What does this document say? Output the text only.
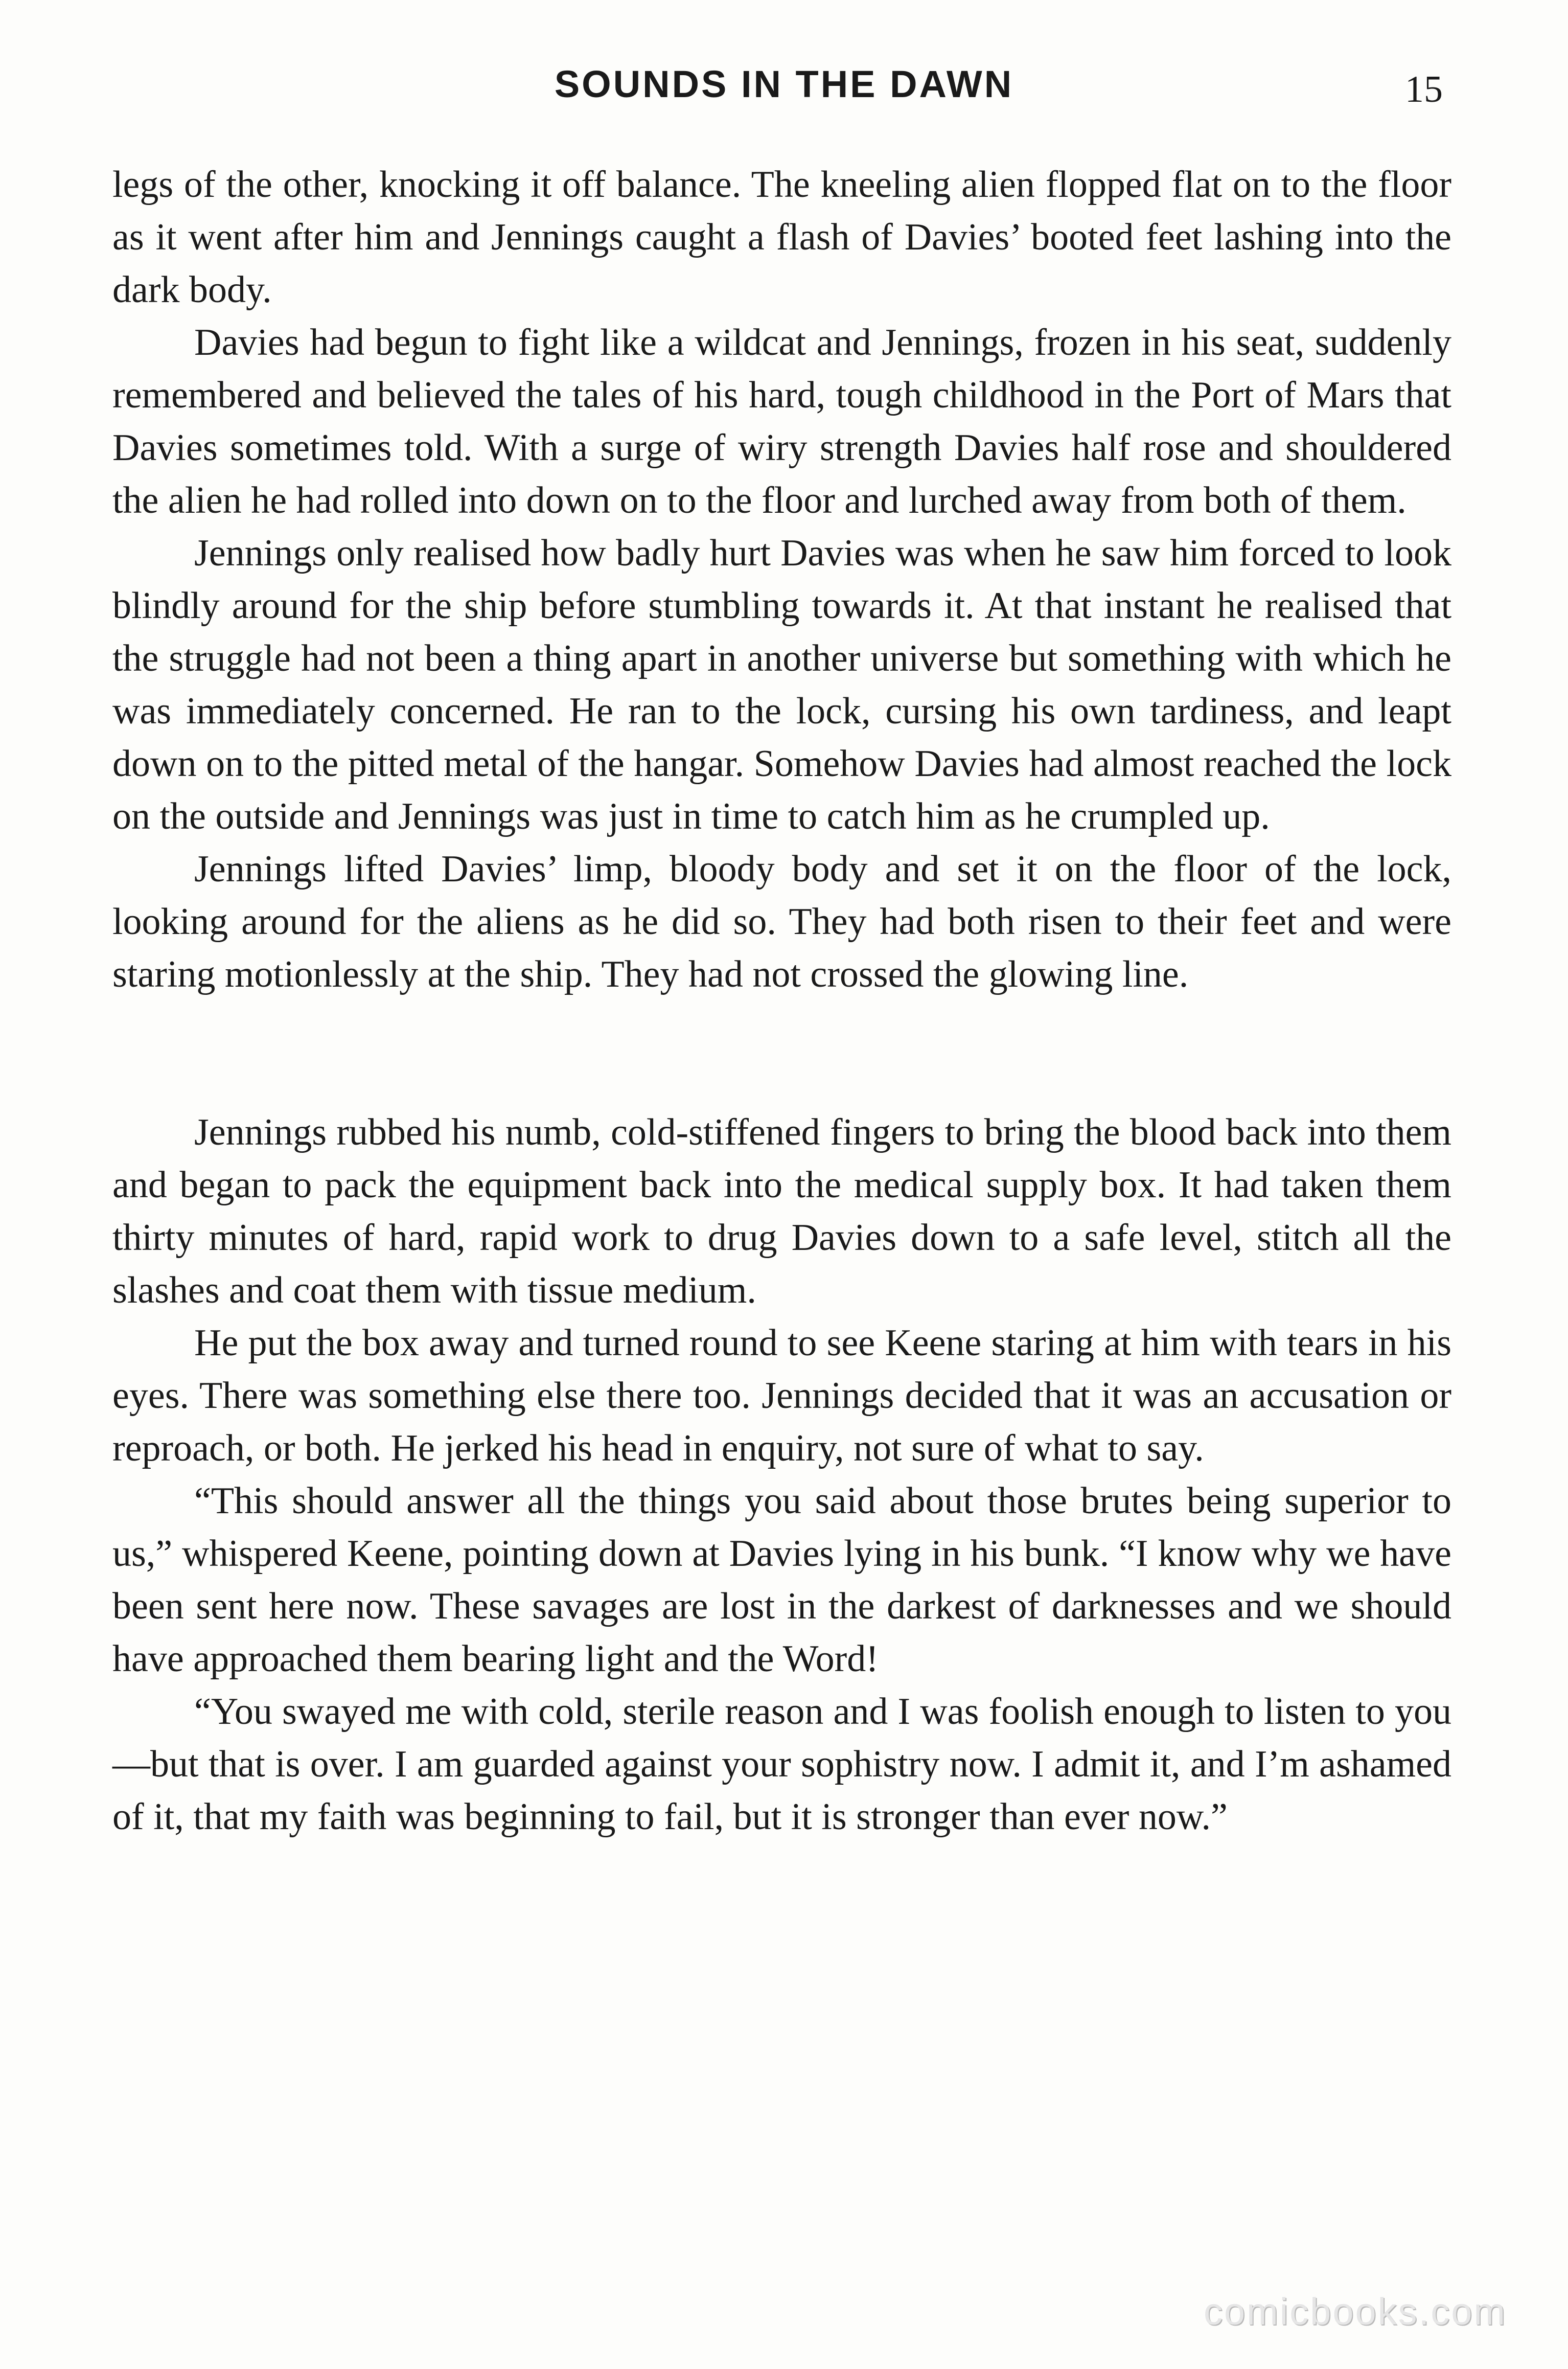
SOUNDS IN THE DAWN	15

legs of the other, knocking it off balance. The kneeling alien flopped flat on to the floor as it went after him and Jennings caught a flash of Davies’ booted feet lashing into the dark body.

Davies had begun to fight like a wildcat and Jennings, frozen in his seat, suddenly remembered and believed the tales of his hard, tough childhood in the Port of Mars that Davies sometimes told. With a surge of wiry strength Davies half rose and shouldered the alien he had rolled into down on to the floor and lurched away from both of them.

Jennings only realised how badly hurt Davies was when he saw him forced to look blindly around for the ship before stumbling towards it. At that instant he realised that the struggle had not been a thing apart in another universe but something with which he was immediately concerned. He ran to the lock, cursing his own tardiness, and leapt down on to the pitted metal of the hangar. Somehow Davies had almost reached the lock on the outside and Jennings was just in time to catch him as he crumpled up.

Jennings lifted Davies’ limp, bloody body and set it on the floor of the lock, looking around for the aliens as he did so. They had both risen to their feet and were staring motionlessly at the ship. They had not crossed the glowing line.

Jennings rubbed his numb, cold-stiffened fingers to bring the blood back into them and began to pack the equipment back into the medical supply box. It had taken them thirty minutes of hard, rapid work to drug Davies down to a safe level, stitch all the slashes and coat them with tissue medium.

He put the box away and turned round to see Keene staring at him with tears in his eyes. There was something else there too. Jennings decided that it was an accusation or reproach, or both. He jerked his head in enquiry, not sure of what to say.

“This should answer all the things you said about those brutes being superior to us,” whispered Keene, pointing down at Davies lying in his bunk. “I know why we have been sent here now. These savages are lost in the darkest of darknesses and we should have approached them bearing light and the Word!

“You swayed me with cold, sterile reason and I was foolish enough to listen to you—but that is over. I am guarded against your sophistry now. I admit it, and I’m ashamed of it, that my faith was beginning to fail, but it is stronger than ever now.”

comicbooks.com
